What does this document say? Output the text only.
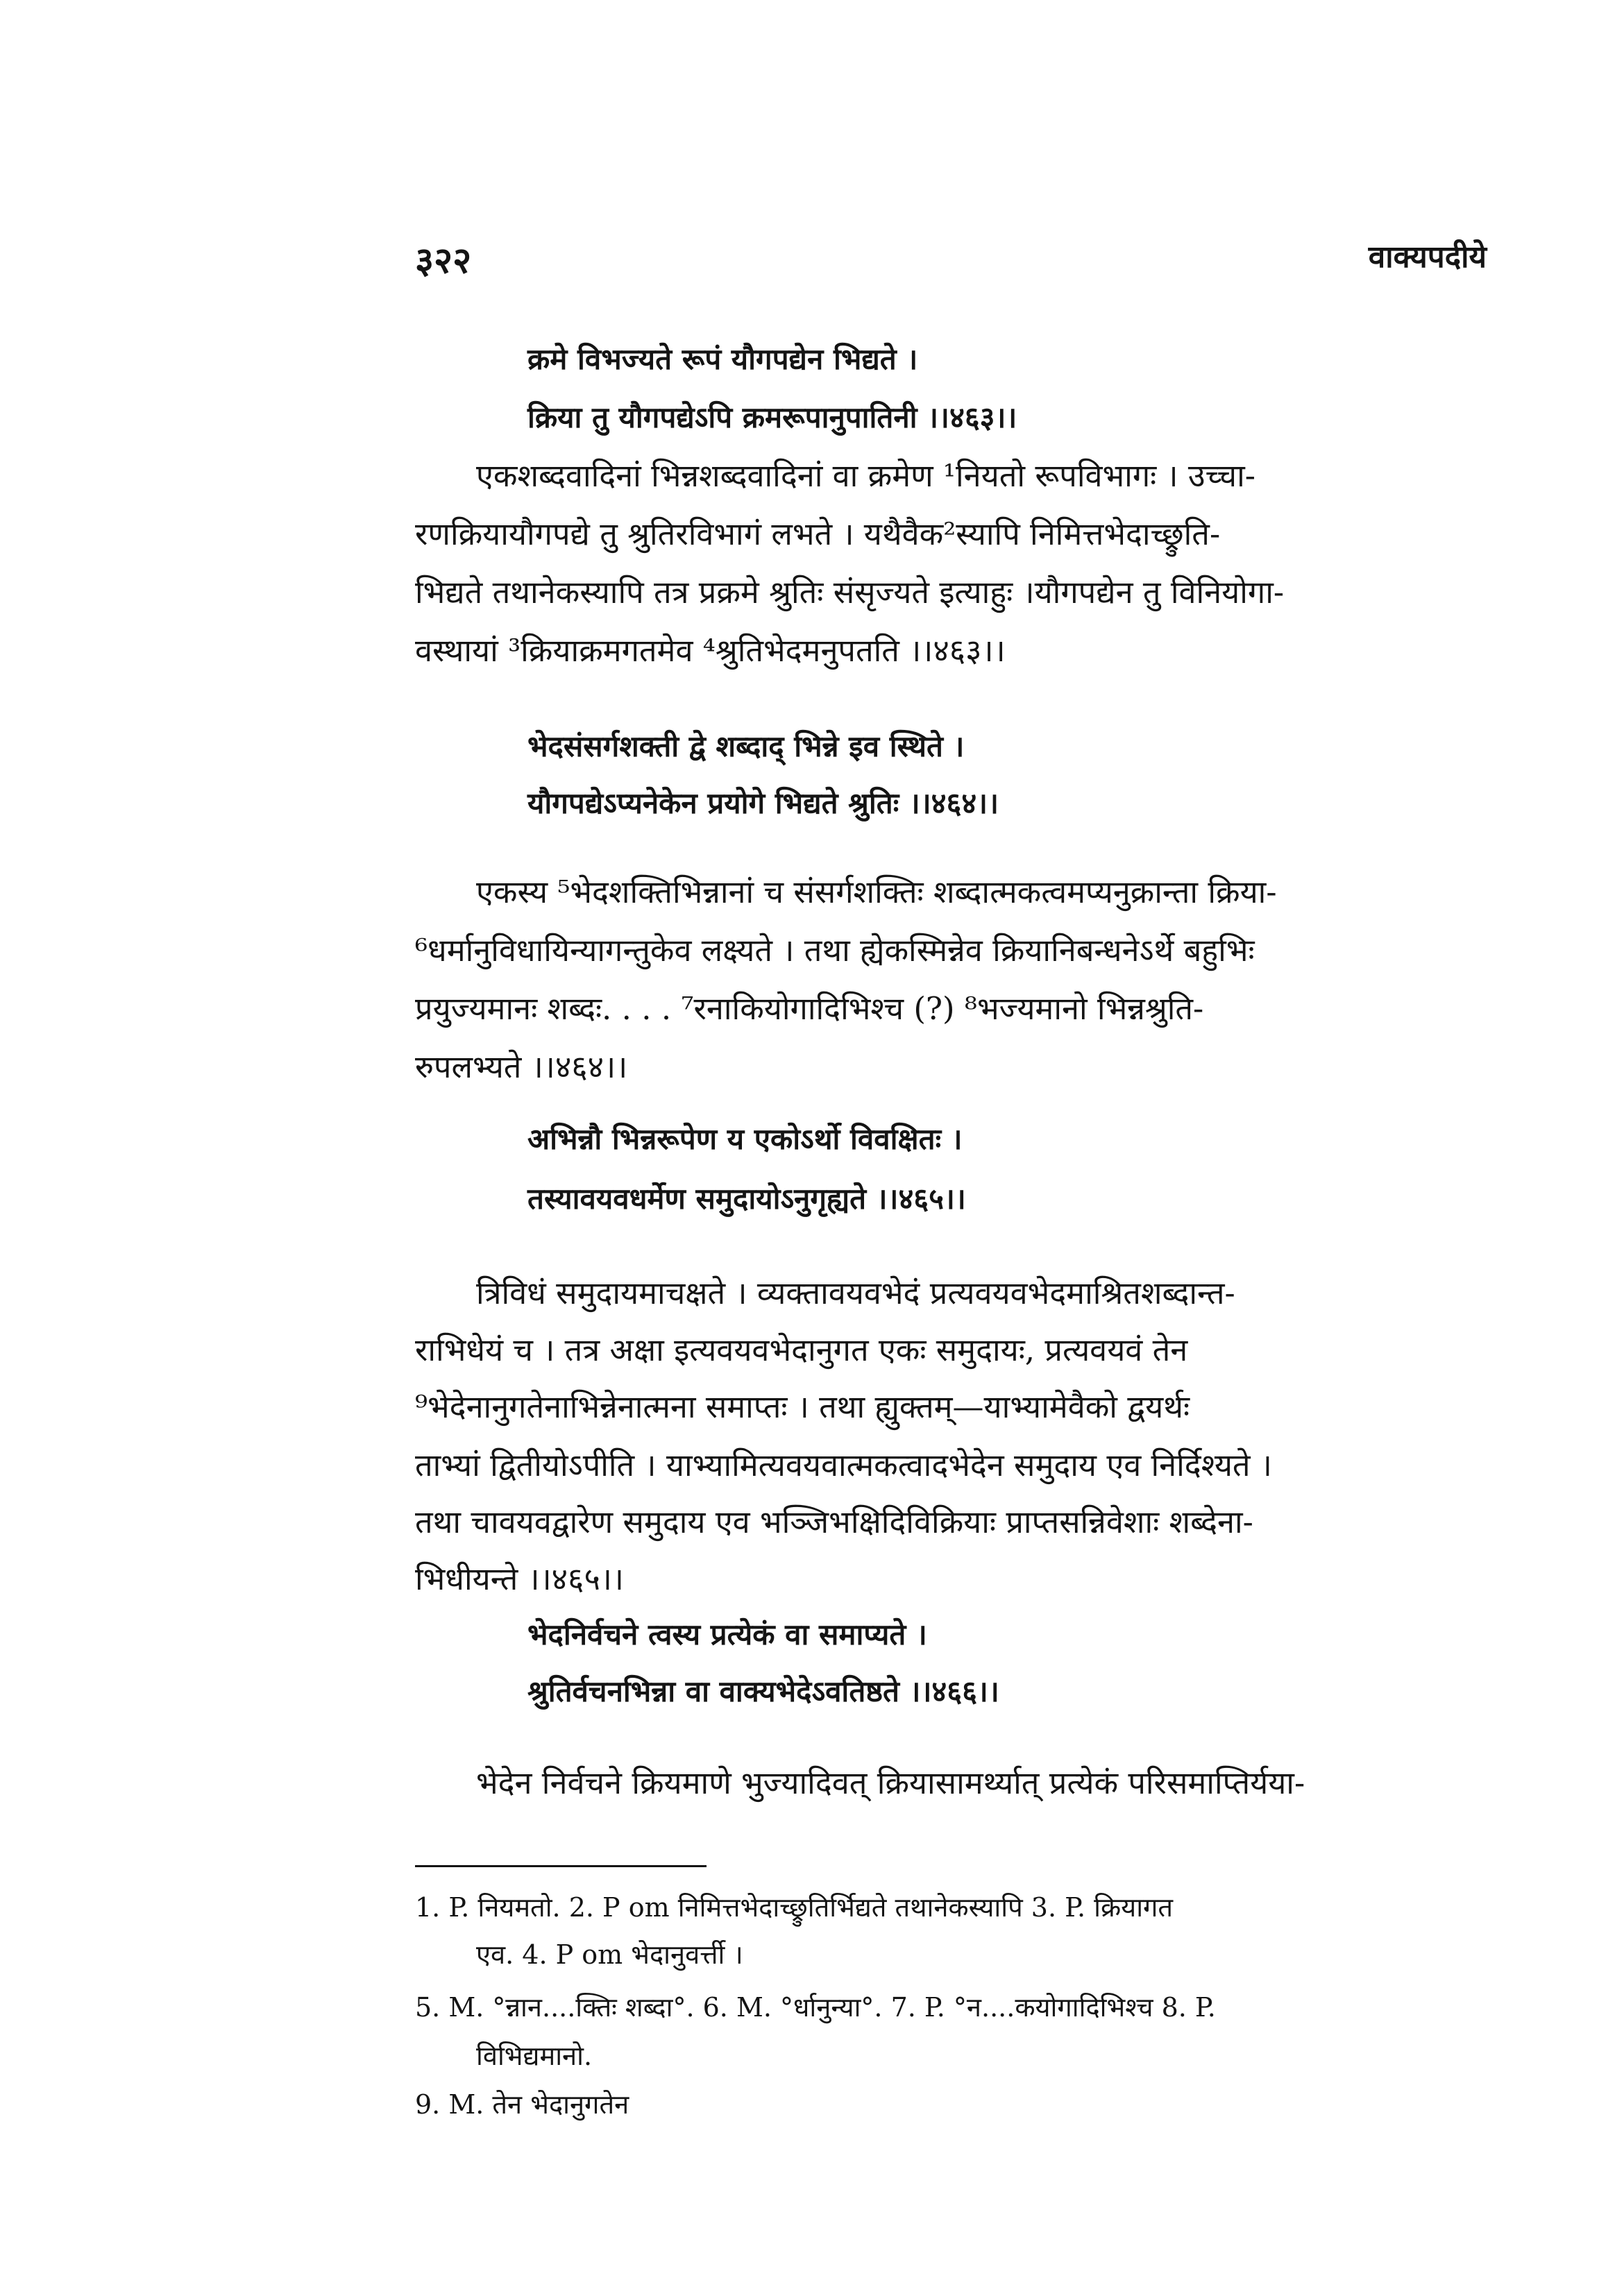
३२२	वाक्यपदीये
क्रमे विभज्यते रूपं यौगपद्येन भिद्यते ।
क्रिया तु यौगपद्येऽपि क्रमरूपानुपातिनी ।।४६३।।
एकशब्दवादिनां भिन्नशब्दवादिनां वा क्रमेण ¹नियतो रूपविभागः । उच्चा-
रणक्रियायौगपद्ये तु श्रुतिरविभागं लभते । यथैवैक²स्यापि निमित्तभेदाच्छ्रुति-
भिद्यते तथानेकस्यापि तत्र प्रक्रमे श्रुतिः संसृज्यते इत्याहुः ।यौगपद्येन तु विनियोगा-
वस्थायां ³क्रियाक्रमगतमेव ⁴श्रुतिभेदमनुपतति ।।४६३।।
भेदसंसर्गशक्ती द्वे शब्दाद् भिन्ने इव स्थिते ।
यौगपद्येऽप्यनेकेन प्रयोगे भिद्यते श्रुतिः ।।४६४।।
एकस्य ⁵भेदशक्तिभिन्नानां च संसर्गशक्तिः शब्दात्मकत्वमप्यनुक्रान्ता क्रिया-
⁶धर्मानुविधायिन्यागन्तुकेव लक्ष्यते । तथा ह्येकस्मिन्नेव क्रियानिबन्धनेऽर्थे बहुभिः
प्रयुज्यमानः शब्दः. . . . ⁷रनाकियोगादिभिश्च (?) ⁸भज्यमानो भिन्नश्रुति-
रुपलभ्यते ।।४६४।।
अभिन्नौ भिन्नरूपेण य एकोऽर्थो विवक्षितः ।
तस्यावयवधर्मेण समुदायोऽनुगृह्यते ।।४६५।।
त्रिविधं समुदायमाचक्षते । व्यक्तावयवभेदं प्रत्यवयवभेदमाश्रितशब्दान्त-
राभिधेयं च । तत्र अक्षा इत्यवयवभेदानुगत एकः समुदायः, प्रत्यवयवं तेन
⁹भेदेनानुगतेनाभिन्नेनात्मना समाप्तः । तथा ह्युक्तम्—याभ्यामेवैको द्वयर्थः
ताभ्यां द्वितीयोऽपीति । याभ्यामित्यवयवात्मकत्वादभेदेन समुदाय एव निर्दिश्यते ।
तथा चावयवद्वारेण समुदाय एव भञ्जिभक्षिदिविक्रियाः प्राप्तसन्निवेशाः शब्देना-
भिधीयन्ते ।।४६५।।
भेदनिर्वचने त्वस्य प्रत्येकं वा समाप्यते ।
श्रुतिर्वचनभिन्ना वा वाक्यभेदेऽवतिष्ठते ।।४६६।।
भेदेन निर्वचने क्रियमाणे भुज्यादिवत् क्रियासामर्थ्यात् प्रत्येकं परिसमाप्तिर्यया-
1. P. नियमतो. 2. P om निमित्तभेदाच्छ्रुतिर्भिद्यते तथानेकस्यापि 3. P. क्रियागत
एव. 4. P om भेदानुवर्त्ती ।
5. M. °न्नान....क्तिः शब्दा°. 6. M. °र्धानुन्या°. 7. P. °न....कयोगादिभिश्च 8. P.
विभिद्यमानो.
9. M. तेन भेदानुगतेन
